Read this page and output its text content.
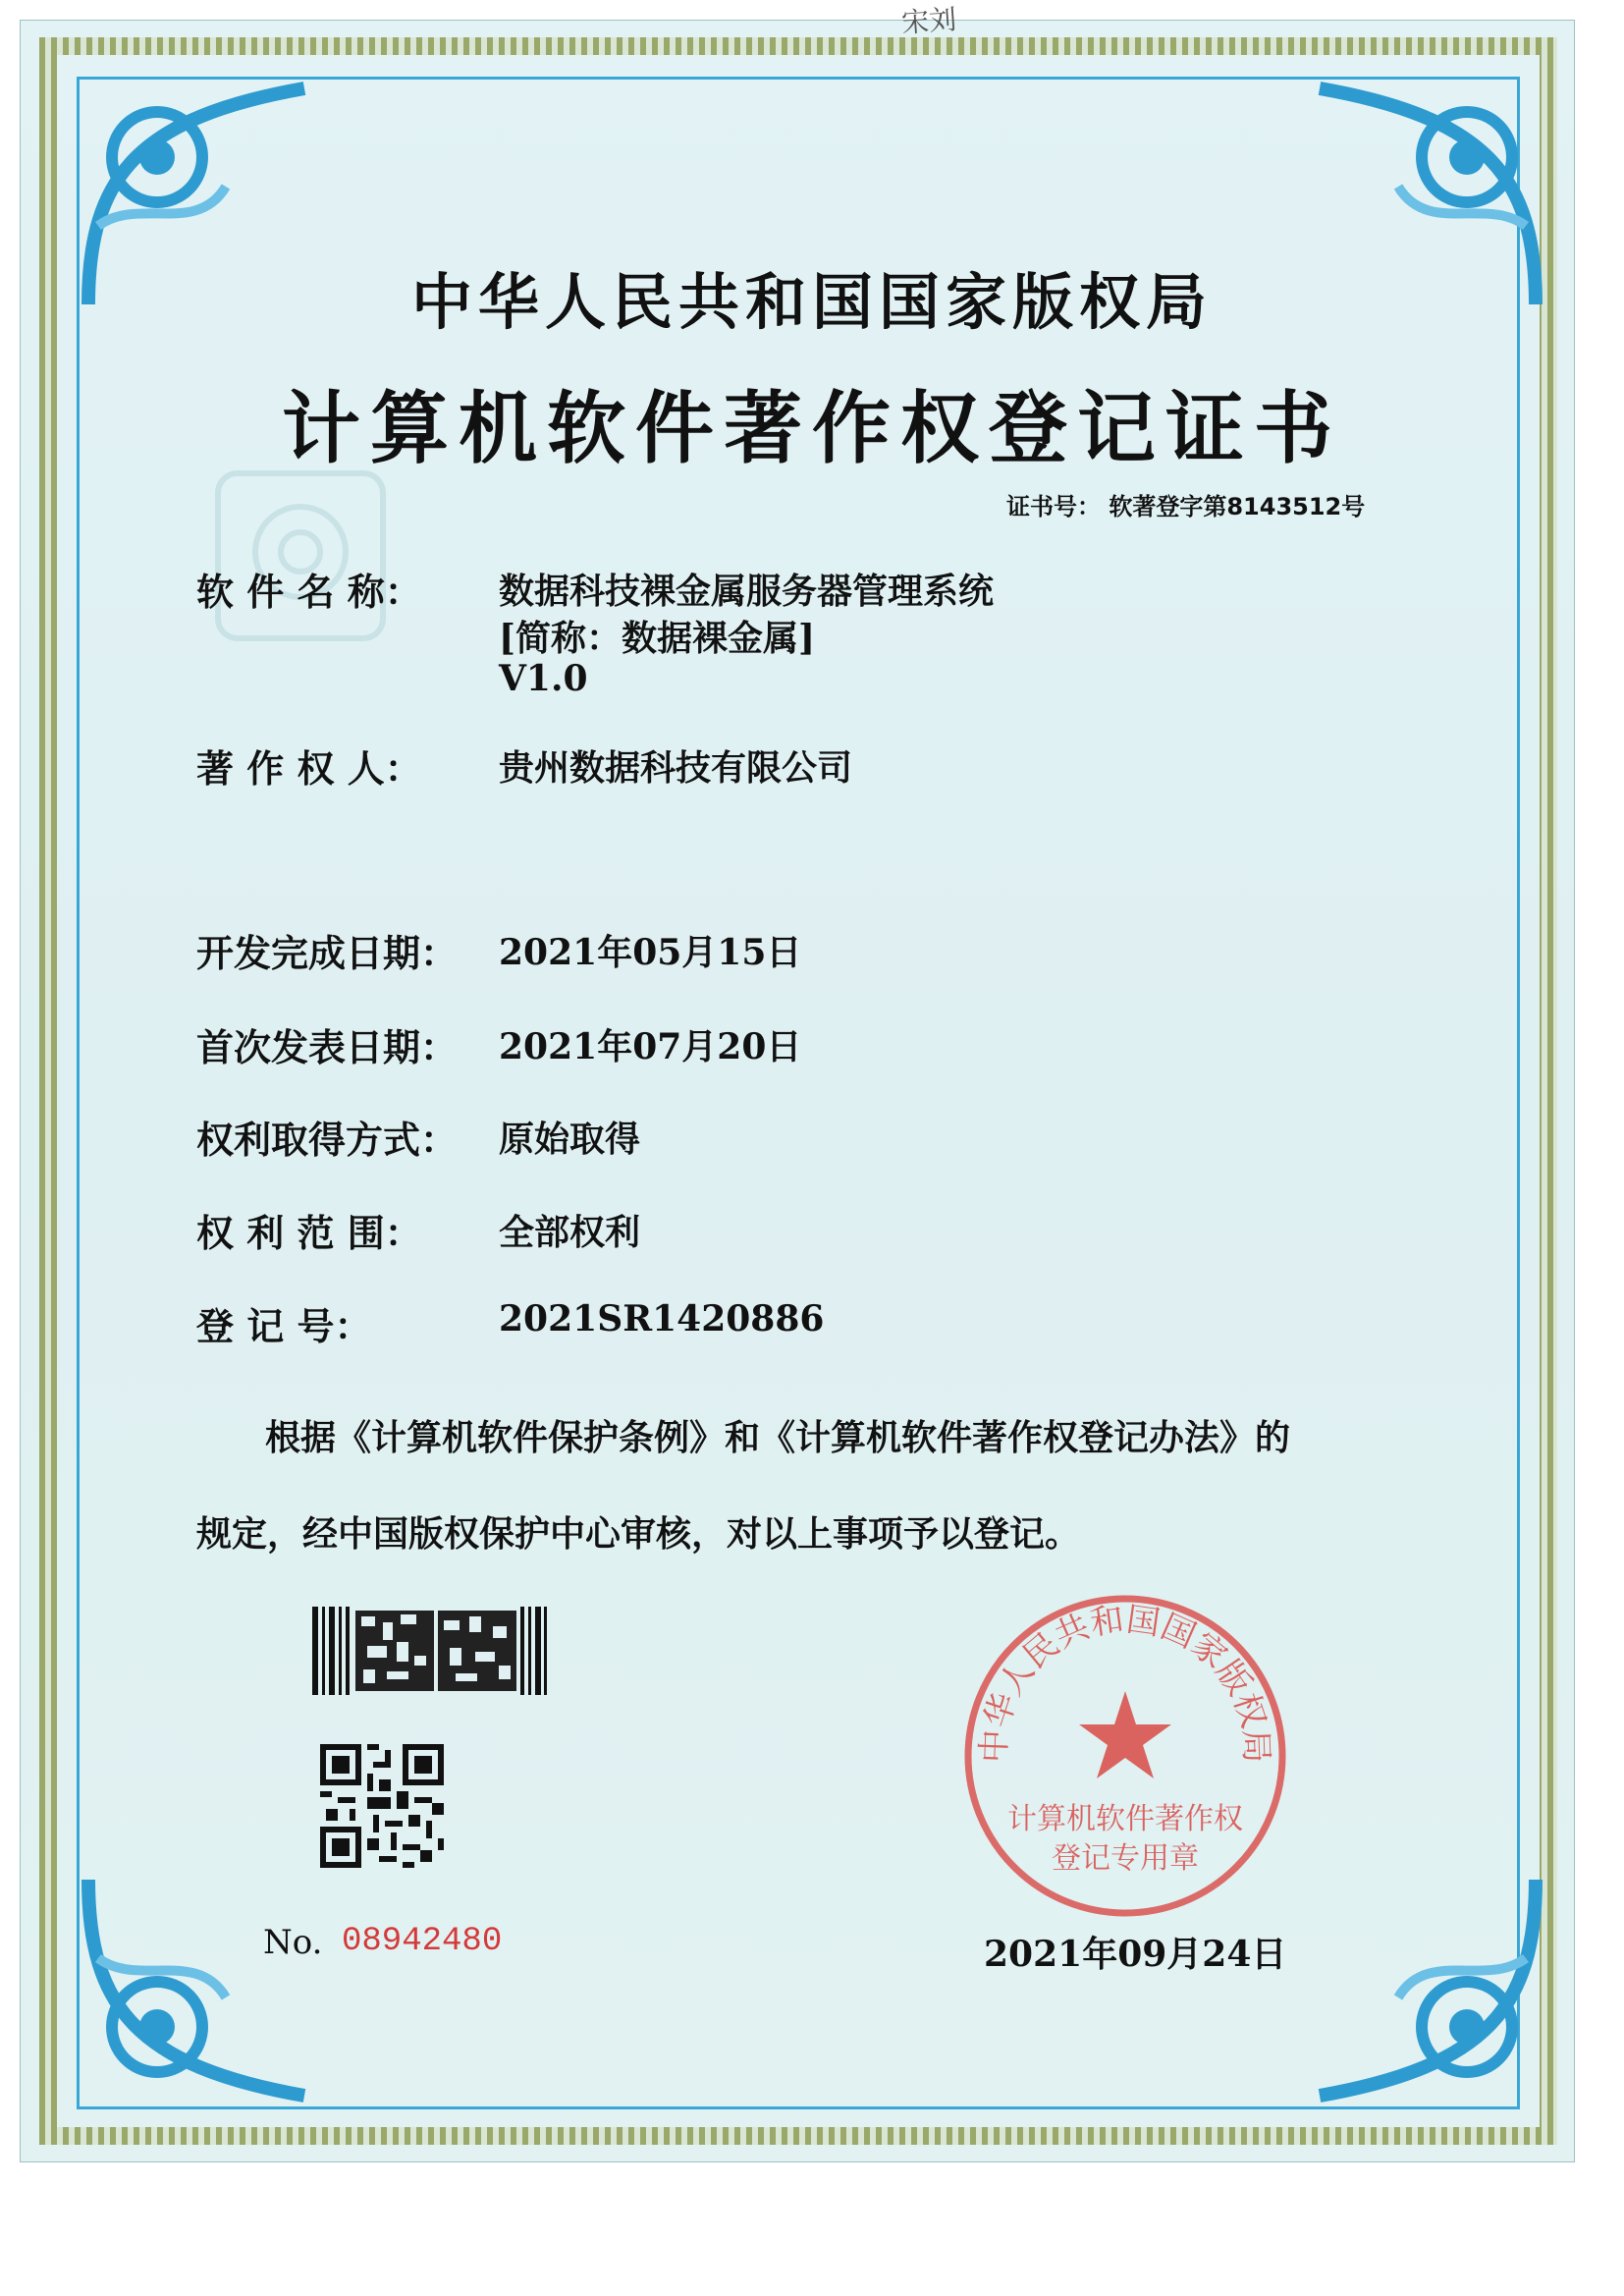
宋刘
中华人民共和国国家版权局
计算机软件著作权登记证书
证书号： 软著登字第8143512号
软 件 名 称： 数据科技裸金属服务器管理系统
[简称：数据裸金属]
V1.0
著 作 权 人： 贵州数据科技有限公司
开发完成日期： 2021年05月15日
首次发表日期： 2021年07月20日
权利取得方式： 原始取得
权 利 范 围： 全部权利
登 记 号：	2021SR1420886
根据《计算机软件保护条例》和《计算机软件著作权登记办法》的
规定，经中国版权保护中心审核，对以上事项予以登记。
No. 08942480
中华人民共和国国家版权局
计算机软件著作权
登记专用章
2021年09月24日
